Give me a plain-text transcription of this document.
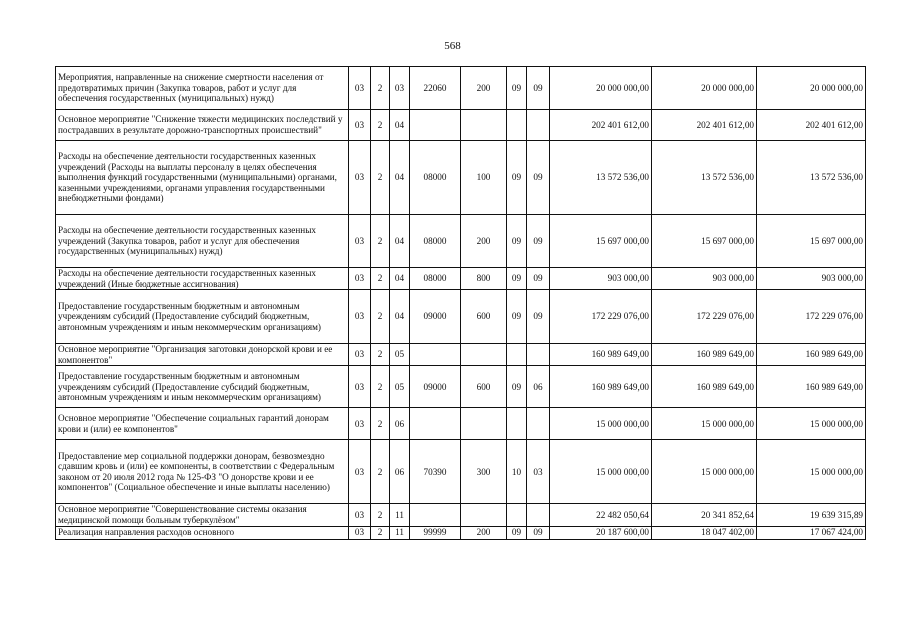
568
Мероприятия, направленные на снижение смертности населения от предотвратимых причин (Закупка товаров, работ и услуг для обеспечения государственных (муниципальных) нужд)	03	2	03	22060	200	09	09	20 000 000,00	20 000 000,00	20 000 000,00
Основное мероприятие "Снижение тяжести медицинских последствий у пострадавших в результате дорожно-транспортных происшествий"	03	2	04					202 401 612,00	202 401 612,00	202 401 612,00
Расходы на обеспечение деятельности государственных казенных учреждений (Расходы на выплаты персоналу в целях обеспечения выполнения функций государственными (муниципальными) органами, казенными учреждениями, органами управления государственными внебюджетными фондами)	03	2	04	08000	100	09	09	13 572 536,00	13 572 536,00	13 572 536,00
Расходы на обеспечение деятельности государственных казенных учреждений (Закупка товаров, работ и услуг для обеспечения государственных (муниципальных) нужд)	03	2	04	08000	200	09	09	15 697 000,00	15 697 000,00	15 697 000,00
Расходы на обеспечение деятельности государственных казенных учреждений (Иные бюджетные ассигнования)	03	2	04	08000	800	09	09	903 000,00	903 000,00	903 000,00
Предоставление государственным бюджетным и автономным учреждениям субсидий (Предоставление субсидий бюджетным, автономным учреждениям и иным некоммерческим организациям)	03	2	04	09000	600	09	09	172 229 076,00	172 229 076,00	172 229 076,00
Основное мероприятие "Организация заготовки донорской крови и ее компонентов"	03	2	05					160 989 649,00	160 989 649,00	160 989 649,00
Предоставление государственным бюджетным и автономным учреждениям субсидий (Предоставление субсидий бюджетным, автономным учреждениям и иным некоммерческим организациям)	03	2	05	09000	600	09	06	160 989 649,00	160 989 649,00	160 989 649,00
Основное мероприятие "Обеспечение социальных гарантий донорам крови и (или) ее компонентов"	03	2	06					15 000 000,00	15 000 000,00	15 000 000,00
Предоставление мер социальной поддержки донорам, безвозмездно сдавшим кровь и (или) ее компоненты, в соответствии с Федеральным законом от 20 июля 2012 года № 125-ФЗ "О донорстве крови и ее компонентов" (Социальное обеспечение и иные выплаты населению)	03	2	06	70390	300	10	03	15 000 000,00	15 000 000,00	15 000 000,00
Основное мероприятие "Совершенствование системы оказания медицинской помощи больным туберкулёзом"	03	2	11					22 482 050,64	20 341 852,64	19 639 315,89
Реализация направления расходов основного	03	2	11	99999	200	09	09	20 187 600,00	18 047 402,00	17 067 424,00
